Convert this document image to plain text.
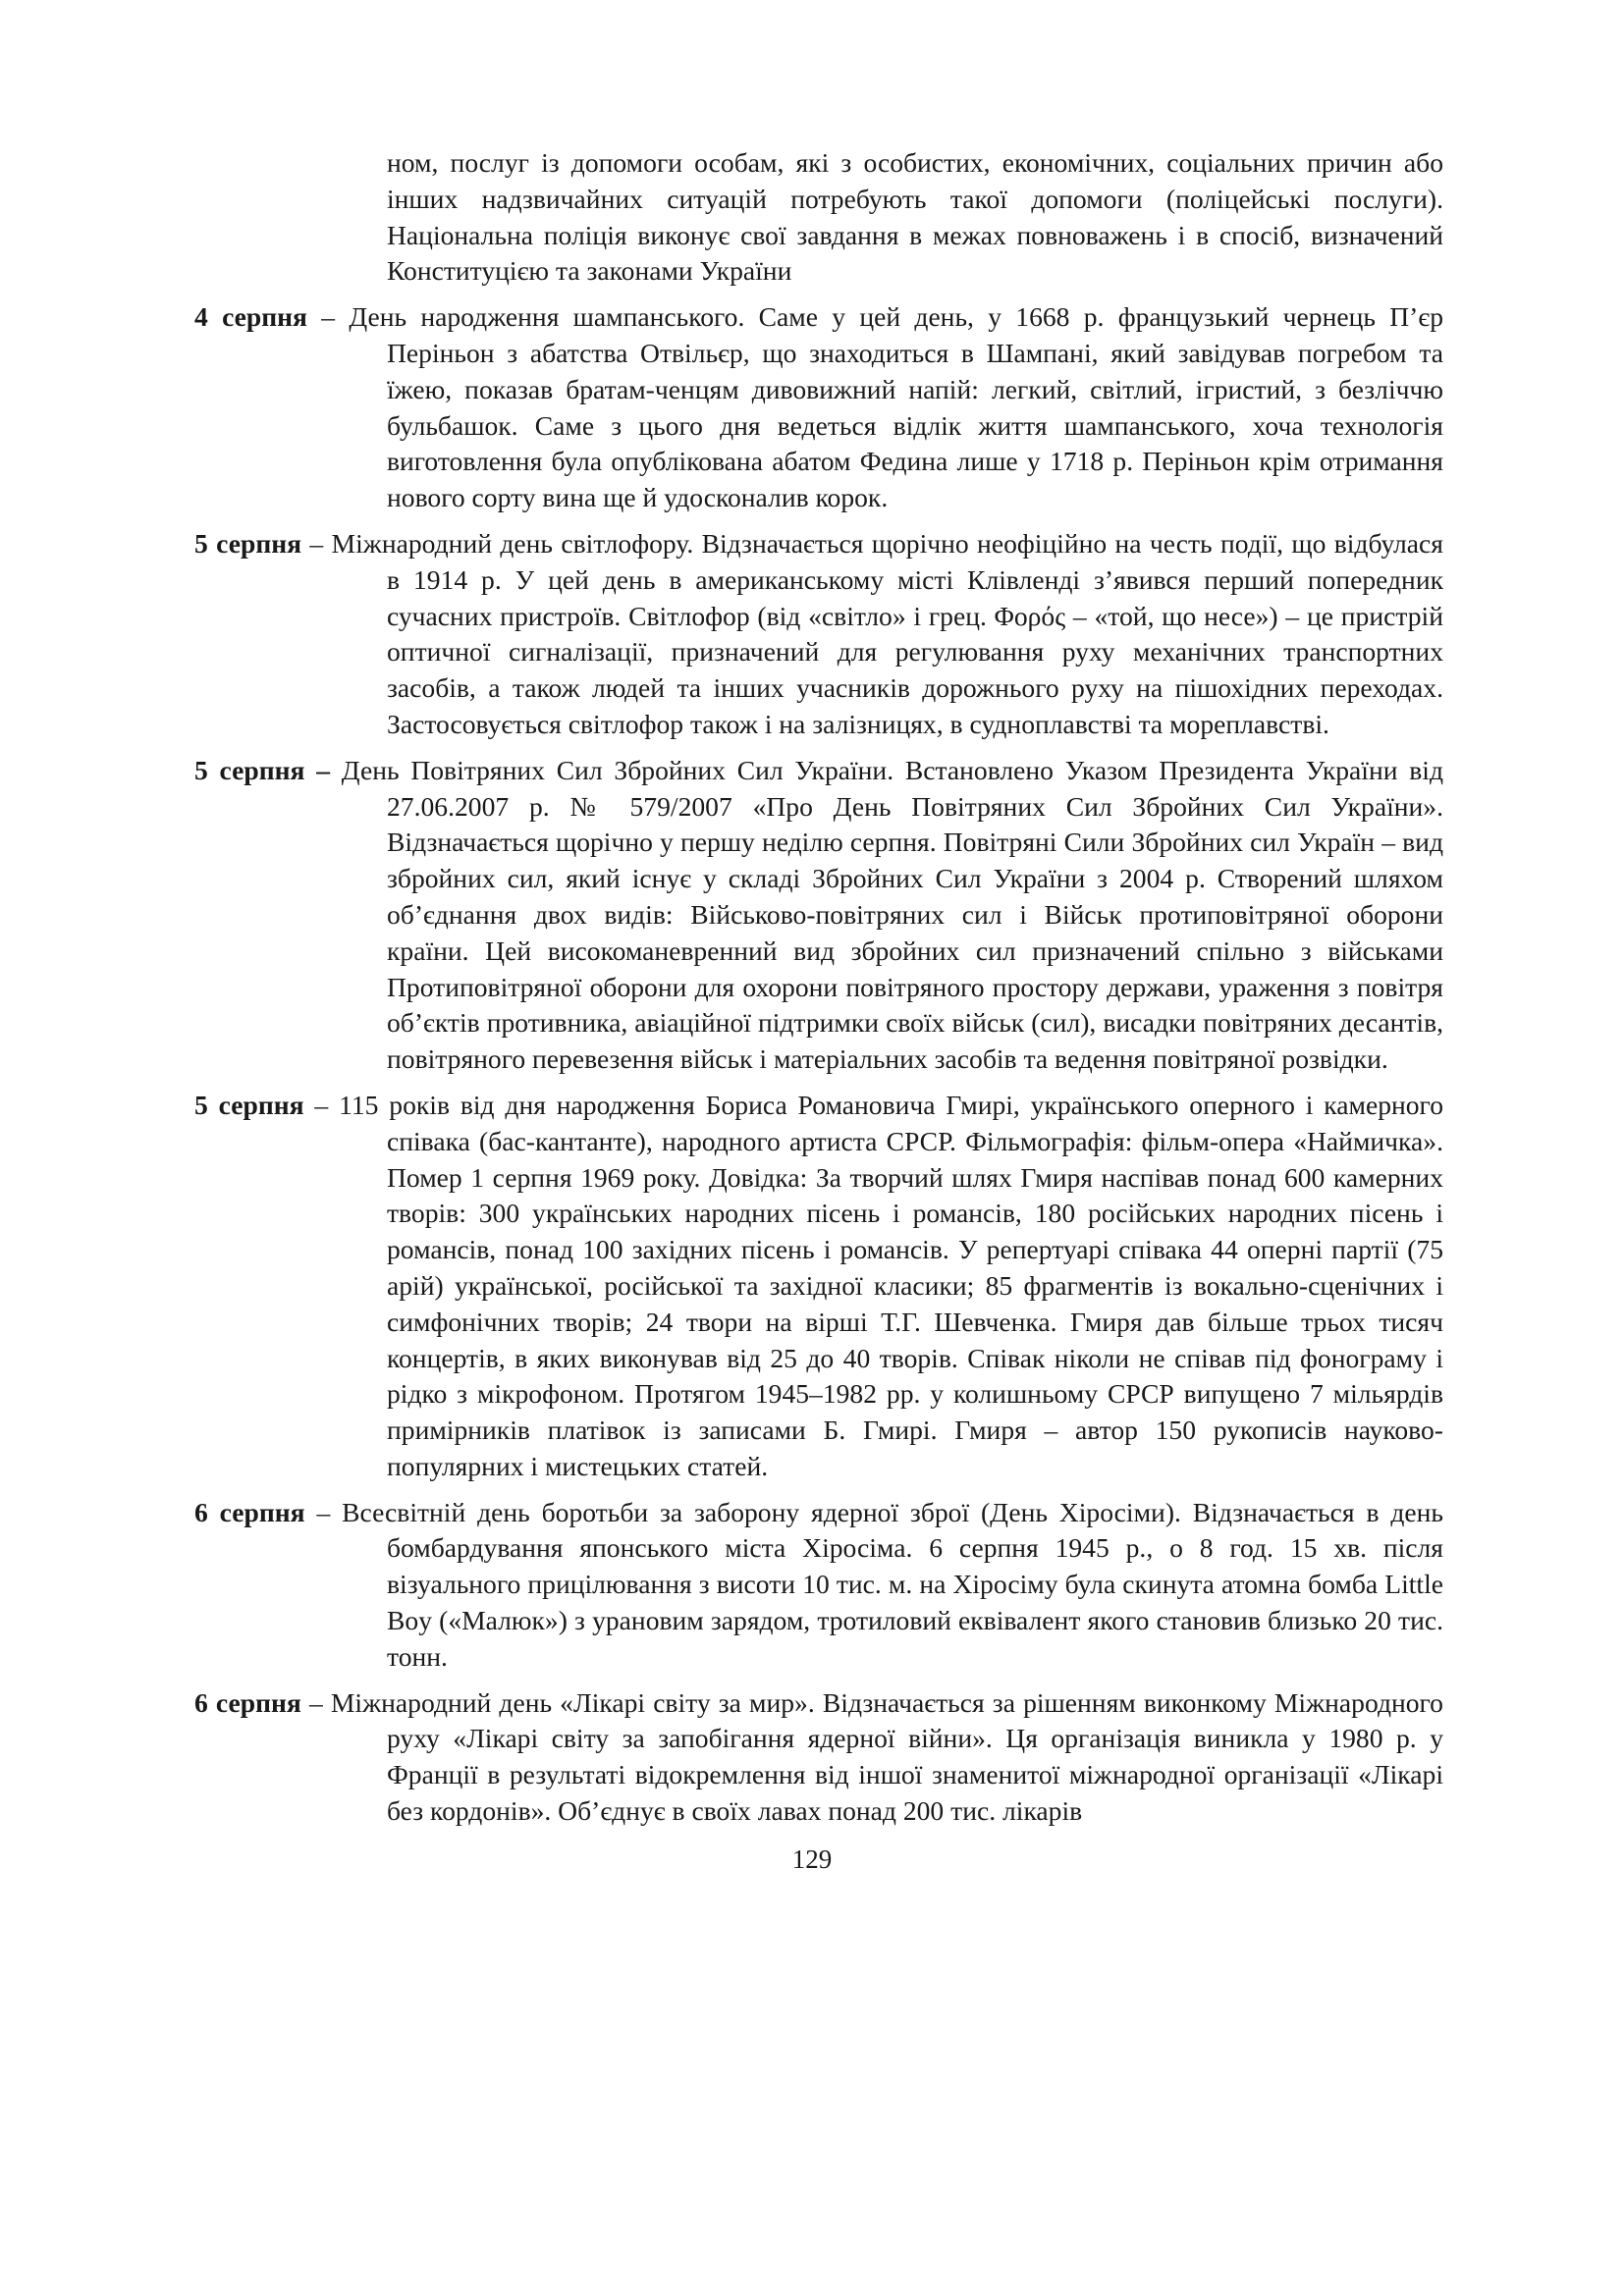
ном, послуг із допомоги особам, які з особистих, економічних, соціальних причин або інших надзвичайних ситуацій потребують такої допомоги (поліцейські послуги). Національна поліція виконує свої завдання в межах повноважень і в спосіб, визначений Конституцією та законами України

4 серпня – День народження шампанського. Саме у цей день, у 1668 р. французький чернець П’єр Періньон з абатства Отвільєр, що знаходиться в Шампані, який завідував погребом та їжею, показав братам-ченцям дивовижний напій: легкий, світлий, ігристий, з безліччю бульбашок. Саме з цього дня ведеться відлік життя шампанського, хоча технологія виготовлення була опублікована абатом Федина лише у 1718 р. Періньон крім отримання нового сорту вина ще й удосконалив корок.

5 серпня – Міжнародний день світлофору. Відзначається щорічно неофіційно на честь події, що відбулася в 1914 р. У цей день в американському місті Клівленді з’явився перший попередник сучасних пристроїв. Світлофор (від «світло» і грец. Φορός – «той, що несе») – це пристрій оптичної сигналізації, призначений для регулювання руху механічних транспортних засобів, а також людей та інших учасників дорожнього руху на пішохідних переходах. Застосовується світлофор також і на залізницях, в судноплавстві та мореплавстві.

5 серпня – День Повітряних Сил Збройних Сил України. Встановлено Указом Президента України від 27.06.2007 р. № 579/2007 «Про День Повітряних Сил Збройних Сил України». Відзначається щорічно у першу неділю серпня. Повітряні Сили Збройних сил Україн – вид збройних сил, який існує у складі Збройних Сил України з 2004 р. Створений шляхом об’єднання двох видів: Військово-повітряних сил і Військ протиповітряної оборони країни. Цей високоманевренний вид збройних сил призначений спільно з військами Протиповітряної оборони для охорони повітряного простору держави, ураження з повітря об’єктів противника, авіаційної підтримки своїх військ (сил), висадки повітряних десантів, повітряного перевезення військ і матеріальних засобів та ведення повітряної розвідки.

5 серпня – 115 років від дня народження Бориса Романовича Гмирі, українського оперного і камерного співака (бас-кантанте), народного артиста СРСР. Фільмографія: фільм-опера «Наймичка». Помер 1 серпня 1969 року. Довідка: За творчий шлях Гмиря наспівав понад 600 камерних творів: 300 українських народних пісень і романсів, 180 російських народних пісень і романсів, понад 100 західних пісень і романсів. У репертуарі співака 44 оперні партії (75 арій) української, російської та західної класики; 85 фрагментів із вокально-сценічних і симфонічних творів; 24 твори на вірші Т.Г. Шевченка. Гмиря дав більше трьох тисяч концертів, в яких виконував від 25 до 40 творів. Співак ніколи не співав під фонограму і рідко з мікрофоном. Протягом 1945–1982 рр. у колишньому СРСР випущено 7 мільярдів примірників платівок із записами Б. Гмирі. Гмиря – автор 150 рукописів науково-популярних і мистецьких статей.

6 серпня – Всесвітній день боротьби за заборону ядерної зброї (День Хіросіми). Відзначається в день бомбардування японського міста Хіросіма. 6 серпня 1945 р., о 8 год. 15 хв. після візуального прицілювання з висоти 10 тис. м. на Хіросіму була скинута атомна бомба Little Boy («Малюк») з урановим зарядом, тротиловий еквівалент якого становив близько 20 тис. тонн.

6 серпня – Міжнародний день «Лікарі світу за мир». Відзначається за рішенням виконкому Міжнародного руху «Лікарі світу за запобігання ядерної війни». Ця організація виникла у 1980 р. у Франції в результаті відокремлення від іншої знаменитої міжнародної організації «Лікарі без кордонів». Об’єднує в своїх лавах понад 200 тис. лікарів

129
